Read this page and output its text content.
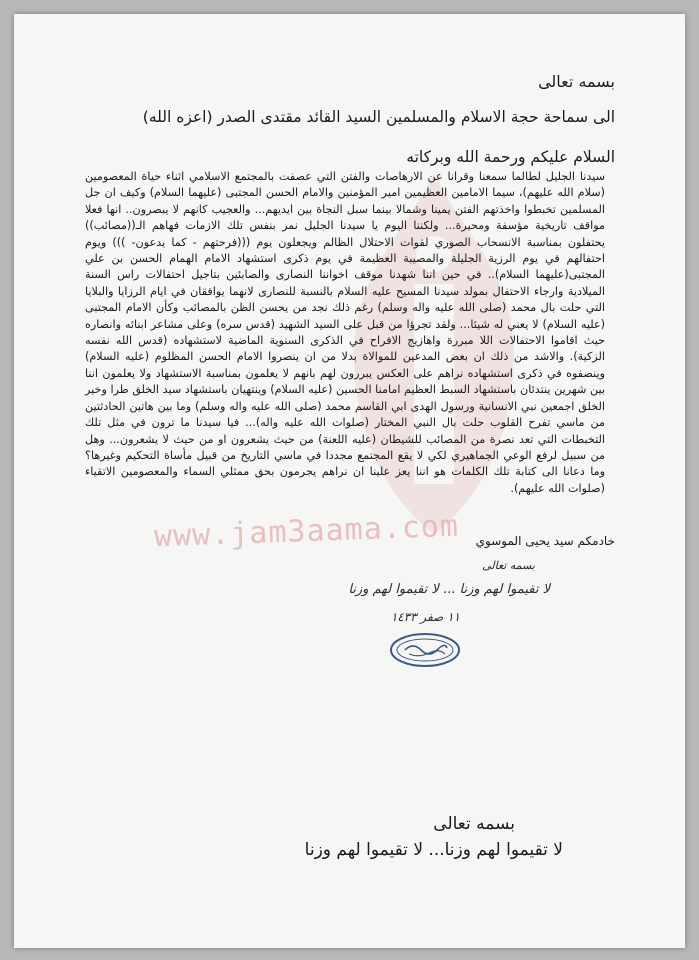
www.jam3aama.com
بسمه تعالى
الى سماحة حجة الاسلام والمسلمين السيد القائد مقتدى الصدر (اعزه الله)
السلام عليكم ورحمة الله وبركاته

سيدنا الجليل لطالما سمعنا وقرانا عن الارهاصات والفتن التي عصفت بالمجتمع الاسلامي اثناء حياة المعصومين (سلام الله عليهم)، سيما الامامين العظيمين امير المؤمنين والامام الحسن المجتبى (عليهما السلام) وكيف ان جل المسلمين تخبطوا واخذتهم الفتن يمينا وشمالا بينما سبل النجاة بين ايديهم... والعجيب كانهم لا يبصرون.. انها فعلا مواقف تاريخية مؤسفة ومحيرة... ولكننا اليوم يا سيدنا الجليل نمر بنفس تلك الازمات فهاهم الـ((مصائب)) يحتفلون بمناسبة الانسحاب الصوري لقوات الاحتلال الظالم ويجعلون يوم (((فرحتهم - كما يدعون- ))) ويوم احتفالهم في يوم الرزية الجليلة والمصيبة العظيمة في يوم ذكرى استشهاد الامام الهمام الحسن بن علي المجتبى(عليهما السلام).. في حين اننا شهدنا موقف اخواننا النصارى والصابئين بتاجيل احتفالات راس السنة الميلادية وارجاء الاحتفال بمولد سيدنا المسيح عليه السلام بالنسبة للنصارى لانهما يوافقان في ايام الرزايا والبلايا التي حلت بال محمد (صلى الله عليه واله وسلم) رغم ذلك نجد من يحسن الظن بالمصائب وكأن الامام المجتبى (عليه السلام) لا يعني له شيئا... ولقد تجرؤا من قبل على السيد الشهيد (قدس سره) وعلى مشاعر ابنائه وانصاره حيث اقاموا الاحتفالات اللا مبررة واهازيج الافراح في الذكرى السنوية الماضية لاستشهاده (قدس الله نفسه الزكية). والاشد من ذلك ان بعض المدعين للموالاة بدلا من ان ينصروا الامام الحسن المظلوم (عليه السلام) وينصفوه في ذكرى استشهاده نراهم على العكس يبررون لهم بانهم لا يعلمون بمناسبة الاستشهاد ولا يعلمون اننا بين شهرين ينتدئان باستشهاد السبط العظيم امامنا الحسين (عليه السلام) وينتهيان باستشهاد سيد الخلق طرا وخير الخلق اجمعين نبي الانسانية ورسول الهدى ابي القاسم محمد (صلى الله عليه واله وسلم) وما بين هاتين الحادثتين من ماسي تفرح القلوب حلت بال النبي المختار (صلوات الله عليه واله)... فيا سيدنا ما ترون في مثل تلك التخبطات التي تعد نصرة من المصائب للشيطان (عليه اللعنة) من حيث يشعرون او من حيث لا يشعرون... وهل من سبيل لرفع الوعي الجماهيري لكي لا يقع المجتمع مجددا في ماسي التاريخ من قبيل مأساة التحكيم وغيرها؟ وما دعانا الى كتابة تلك الكلمات هو اننا يعز علينا ان نراهم يجرمون بحق ممثلي السماء والمعصومين الاتقياء (صلوات الله عليهم).

خادمكم سيد يحيى الموسوي
بسمه تعالى
لا تقيموا لهم وزنا ... لا تقيموا لهم وزنا
١١ صفر ١٤٣٣
بسمه تعالى
لا تقيموا لهم وزنا... لا تقيموا لهم وزنا
